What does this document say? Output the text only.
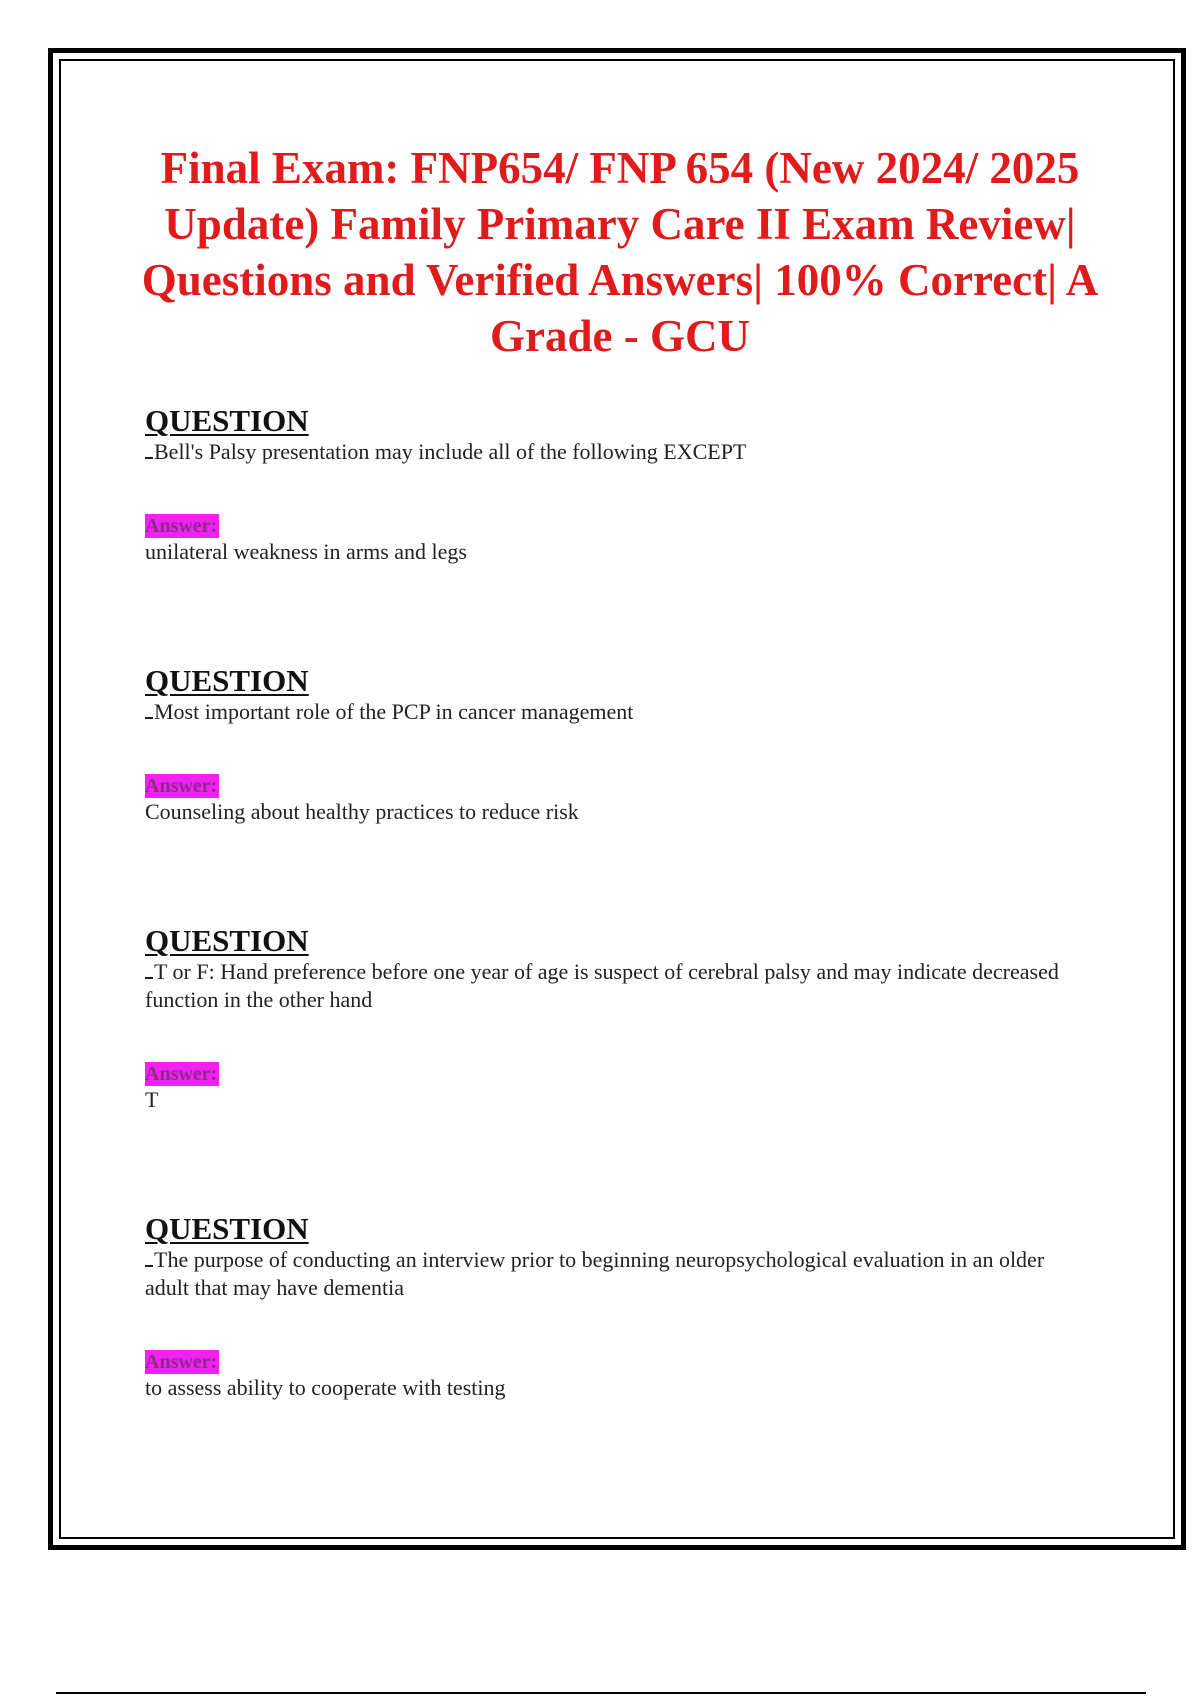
Final Exam: FNP654/ FNP 654 (New 2024/ 2025 Update) Family Primary Care II Exam Review| Questions and Verified Answers| 100% Correct| A Grade - GCU
QUESTION
Bell's Palsy presentation may include all of the following EXCEPT
Answer:
unilateral weakness in arms and legs
QUESTION
Most important role of the PCP in cancer management
Answer:
Counseling about healthy practices to reduce risk
QUESTION
T or F: Hand preference before one year of age is suspect of cerebral palsy and may indicate decreased function in the other hand
Answer:
T
QUESTION
The purpose of conducting an interview prior to beginning neuropsychological evaluation in an older adult that may have dementia
Answer:
to assess ability to cooperate with testing
